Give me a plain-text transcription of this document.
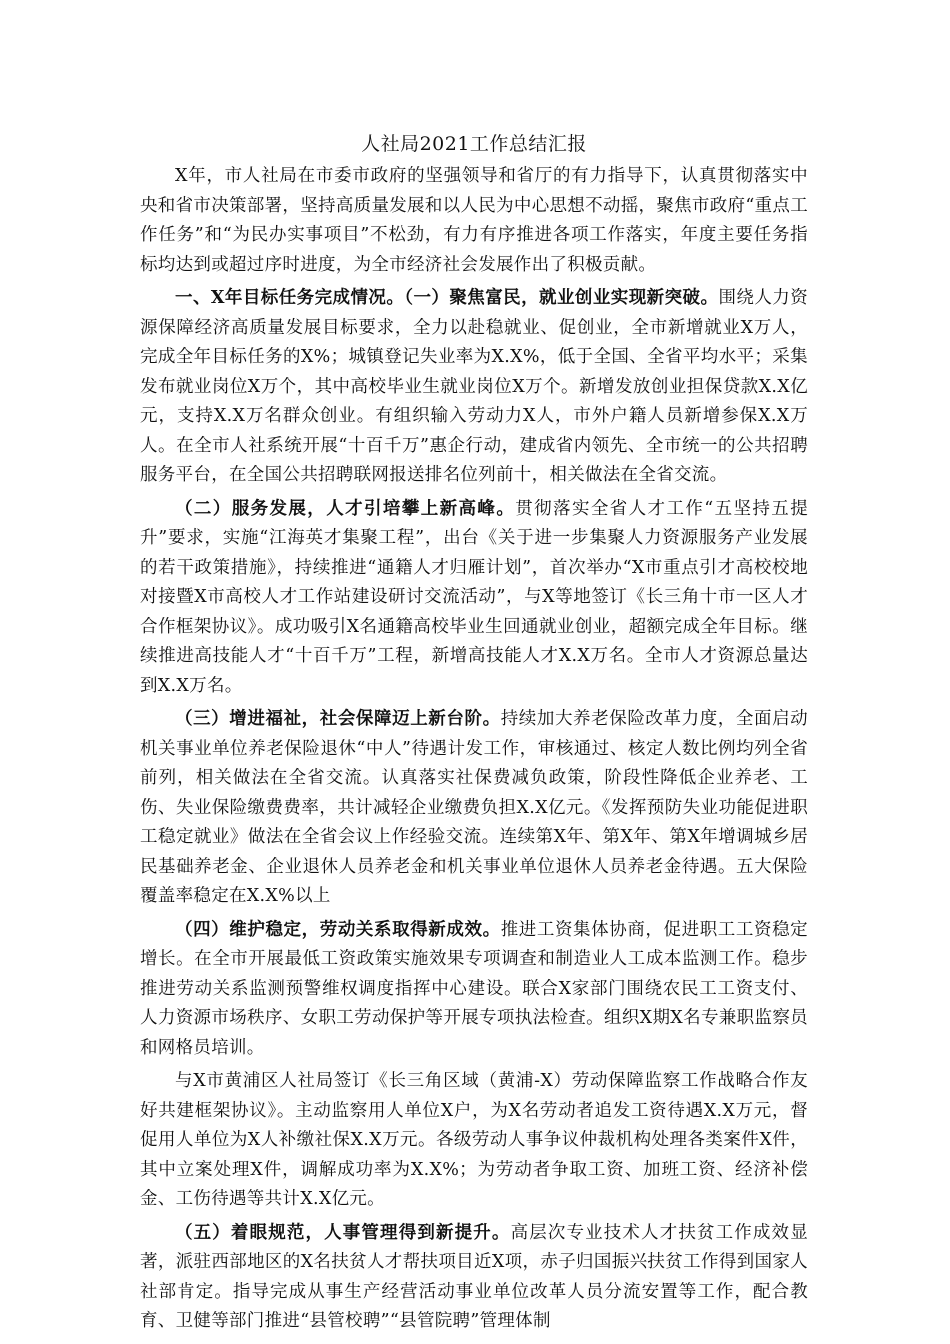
人社局2021工作总结汇报

X年，市人社局在市委市政府的坚强领导和省厅的有力指导下，认真贯彻落实中央和省市决策部署，坚持高质量发展和以人民为中心思想不动摇，聚焦市政府“重点工作任务”和“为民办实事项目”不松劲，有力有序推进各项工作落实，年度主要任务指标均达到或超过序时进度，为全市经济社会发展作出了积极贡献。

一、X年目标任务完成情况。（一）聚焦富民，就业创业实现新突破。围绕人力资源保障经济高质量发展目标要求，全力以赴稳就业、促创业，全市新增就业X万人，完成全年目标任务的X%；城镇登记失业率为X.X%，低于全国、全省平均水平；采集发布就业岗位X万个，其中高校毕业生就业岗位X万个。新增发放创业担保贷款X.X亿元，支持X.X万名群众创业。有组织输入劳动力X人，市外户籍人员新增参保X.X万人。在全市人社系统开展“十百千万”惠企行动，建成省内领先、全市统一的公共招聘服务平台，在全国公共招聘联网报送排名位列前十，相关做法在全省交流。

（二）服务发展，人才引培攀上新高峰。贯彻落实全省人才工作“五坚持五提升”要求，实施“江海英才集聚工程”，出台《关于进一步集聚人力资源服务产业发展的若干政策措施》，持续推进“通籍人才归雁计划”，首次举办“X市重点引才高校校地对接暨X市高校人才工作站建设研讨交流活动”，与X等地签订《长三角十市一区人才合作框架协议》。成功吸引X名通籍高校毕业生回通就业创业，超额完成全年目标。继续推进高技能人才“十百千万”工程，新增高技能人才X.X万名。全市人才资源总量达到X.X万名。

（三）增进福祉，社会保障迈上新台阶。持续加大养老保险改革力度，全面启动机关事业单位养老保险退休“中人”待遇计发工作，审核通过、核定人数比例均列全省前列，相关做法在全省交流。认真落实社保费减负政策，阶段性降低企业养老、工伤、失业保险缴费费率，共计减轻企业缴费负担X.X亿元。《发挥预防失业功能促进职工稳定就业》做法在全省会议上作经验交流。连续第X年、第X年、第X年增调城乡居民基础养老金、企业退休人员养老金和机关事业单位退休人员养老金待遇。五大保险覆盖率稳定在X.X%以上

（四）维护稳定，劳动关系取得新成效。推进工资集体协商，促进职工工资稳定增长。在全市开展最低工资政策实施效果专项调查和制造业人工成本监测工作。稳步推进劳动关系监测预警维权调度指挥中心建设。联合X家部门围绕农民工工资支付、人力资源市场秩序、女职工劳动保护等开展专项执法检查。组织X期X名专兼职监察员和网格员培训。

与X市黄浦区人社局签订《长三角区域（黄浦-X）劳动保障监察工作战略合作友好共建框架协议》。主动监察用人单位X户，为X名劳动者追发工资待遇X.X万元，督促用人单位为X人补缴社保X.X万元。各级劳动人事争议仲裁机构处理各类案件X件，其中立案处理X件，调解成功率为X.X%；为劳动者争取工资、加班工资、经济补偿金、工伤待遇等共计X.X亿元。

（五）着眼规范，人事管理得到新提升。高层次专业技术人才扶贫工作成效显著，派驻西部地区的X名扶贫人才帮扶项目近X项，赤子归国振兴扶贫工作得到国家人社部肯定。指导完成从事生产经营活动事业单位改革人员分流安置等工作，配合教育、卫健等部门推进“县管校聘”“县管院聘”管理体制
